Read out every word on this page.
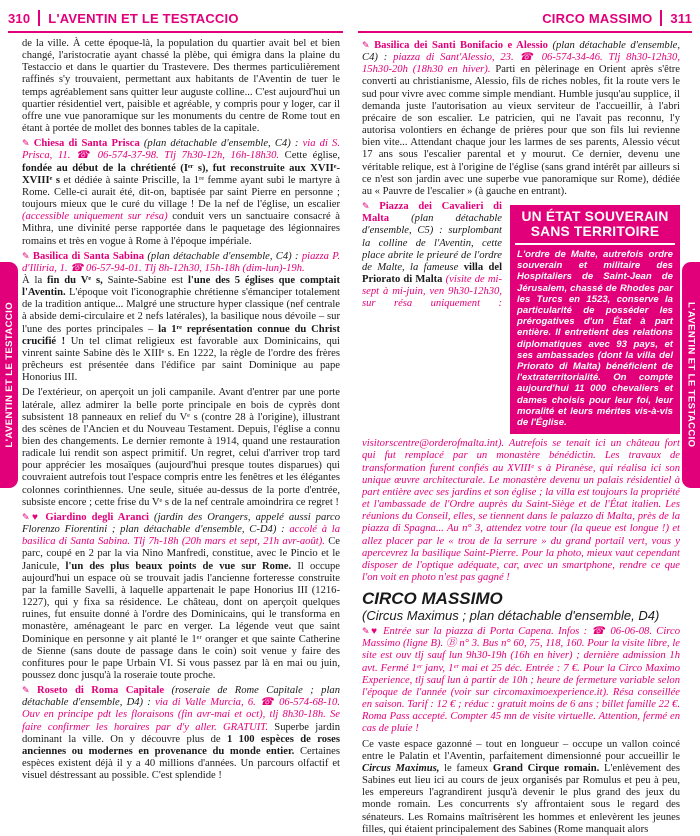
310 L'AVENTIN ET LE TESTACCIO	CIRCO MASSIMO 311
L'AVENTIN ET LE TESTACCIO	L'AVENTIN ET LE TESTACCIO

de la ville. À cette époque-là, la population du quartier avait bel et bien changé, l'aristocratie ayant chassé la plèbe, qui émigra dans la plaine du Testaccio et dans le quartier du Trastevere. Des thermes particulièrement raffinés s'y trouvaient, permettant aux habitants de l'Aventin de tuer le temps agréablement sans quitter leur auguste colline... C'est aujourd'hui un quartier résidentiel vert, paisible et agréable, y compris pour y loger, car il offre une vue panoramique sur les monuments du centre de Rome tout en étant à portée de mollet des bonnes tables de la capitale.

✎ Chiesa di Santa Prisca (plan détachable d'ensemble, C4) : via di S. Prisca, 11. ☎ 06-574-37-98. Tlj 7h30-12h, 16h-18h30. Cette église, fondée au début de la chrétienté (Iᵉʳ s), fut reconstruite aux XVIIᵉ-XVIIIᵉ s et dédiée à sainte Priscille, la 1ʳᵉ femme ayant subi le martyre à Rome. Celle-ci aurait été, dit-on, baptisée par saint Pierre en personne ; toujours mieux que le curé du village ! De la nef de l'église, un escalier (accessible uniquement sur résa) conduit vers un sanctuaire consacré à Mithra, une divinité perse rapportée dans le paquetage des légionnaires romains et très en vogue à Rome à l'époque impériale.

✎ Basilica di Santa Sabina (plan détachable d'ensemble, C4) : piazza P. d'Illiria, 1. ☎ 06-57-94-01. Tlj 8h-12h30, 15h-18h (dim-lun)-19h.
À la fin du Vᵉ s, Sainte-Sabine est l'une des 5 églises que comptait l'Aventin. L'époque voit l'iconographie chrétienne s'émanciper totalement de la tradition antique... Malgré une structure hyper classique (nef centrale à abside demi-circulaire et 2 nefs latérales), la basilique nous dévoile – sur l'une des portes principales – la 1ʳᵉ représentation connue du Christ crucifié ! Un tel climat religieux est favorable aux Dominicains, qui vinrent sainte Sabine dès le XIIIᵉ s. En 1222, la règle de l'ordre des frères prêcheurs est présentée dans l'édifice par saint Dominique au pape Honorius III.

De l'extérieur, on aperçoit un joli campanile. Avant d'entrer par une porte latérale, allez admirer la belle porte principale en bois de cyprès dont subsistent 18 panneaux en relief du Vᵉ s (contre 28 à l'origine), illustrant des scènes de l'Ancien et du Nouveau Testament. Depuis, l'église a connu bien des changements. Le dernier remonte à 1914, quand une restauration radicale lui rendit son aspect primitif. Un regret, celui d'arriver trop tard pour apprécier les mosaïques (aujourd'hui presque toutes disparues) qui couvraient autrefois tout l'espace compris entre les fenêtres et les élégantes colonnes corinthiennes. Une seule, située au-dessus de la porte d'entrée, subsiste encore ; cette frise du Vᵉ s de la nef centrale amoindrira ce regret !

✎♥ Giardino degli Aranci (jardin des Orangers, appelé aussi parco Florenzo Fiorentini ; plan détachable d'ensemble, C-D4) : accolé à la basilica di Santa Sabina. Tlj 7h-18h (20h mars et sept, 21h avr-août). Ce parc, coupé en 2 par la via Nino Manfredi, constitue, avec le Pincio et le Janicule, l'un des plus beaux points de vue sur Rome. Il occupe aujourd'hui un espace où se trouvait jadis l'ancienne forteresse construite par la famille Savelli, à laquelle appartenait le pape Honorius III (1216-1227), qui y fixa sa résidence. Le château, dont on aperçoit quelques ruines, fut ensuite donné à l'ordre des Dominicains, qui le transforma en monastère, aménageant le parc en verger. La légende veut que saint Dominique en personne y ait planté le 1ᵉʳ oranger et que sainte Catherine de Sienne (sans doute de passage dans le coin) soit venue y faire des confitures pour le pape Urbain VI. Si vous passez par là en mai ou juin, poussez donc jusqu'à la roseraie toute proche.

✎ Roseto di Roma Capitale (roseraie de Rome Capitale ; plan détachable d'ensemble, D4) : via di Valle Murcia, 6. ☎ 06-574-68-10. Ouv en principe pdt les floraisons (fin avr-mai et oct), tlj 8h30-18h. Se faire confirmer les horaires par d'y aller. GRATUIT. Superbe jardin dominant la ville. On y découvre plus de 1 100 espèces de roses anciennes ou modernes en provenance du monde entier. Certaines espèces existent déjà il y a 40 millions d'années. Un parcours olfactif et visuel déstressant au possible. C'est splendide !

✎ Basilica dei Santi Bonifacio e Alessio (plan détachable d'ensemble, C4) : piazza di Sant'Alessio, 23. ☎ 06-574-34-46. Tlj 8h30-12h30, 15h30-20h (18h30 en hiver). Parti en pèlerinage en Orient après s'être converti au christianisme, Alessio, fils de riches nobles, fit la route vers le sud pour vivre avec comme simple mendiant. Humble jusqu'au supplice, il demanda juste l'autorisation au vieux serviteur de l'accueillir, à l'abri précaire de son escalier. Le patricien, qui ne l'avait pas reconnu, l'y autorisa volontiers en échange de prières pour que son fils lui revienne bien vite... Attendant chaque jour les larmes de ses parents, Alessio vécut 17 ans sous l'escalier parental et y mourut. Ce dernier, devenu une véritable relique, est à l'origine de l'église (sans grand intérêt par ailleurs si ce n'est son jardin avec une superbe vue panoramique sur Rome), dédiée au « Pauvre de l'escalier » (à gauche en entrant).

UN ÉTAT SOUVERAIN SANS TERRITOIRE

L'ordre de Malte, autrefois ordre souverain et militaire des Hospitaliers de Saint-Jean de Jérusalem, chassé de Rhodes par les Turcs en 1523, conserve la particularité de posséder les prérogatives d'un État à part entière. Il entretient des relations diplomatiques avec 93 pays, et ses ambassades (dont la villa del Priorato di Malta) bénéficient de l'extraterritorialité. On compte aujourd'hui 11 000 chevaliers et dames choisis pour leur foi, leur moralité et leurs mérites vis-à-vis de l'Église.

✎ Piazza dei Cavalieri di Malta (plan détachable d'ensemble, C5) : surplombant la colline de l'Aventin, cette place abrite le prieuré de l'ordre de Malte, la fameuse villa del Priorato di Malta (visite de mi-sept à mi-juin, ven 9h30-12h30, sur résa uniquement : visitorscentre@orderofmalta.int). Autrefois se tenait ici un château fort qui fut remplacé par un monastère bénédictin. Les travaux de transformation furent confiés au XVIIIᵉ s à Piranèse, qui réalisa ici son unique œuvre architecturale. Le monastère devenu un palais résidentiel à part entière avec ses jardins et son église ; la villa est toujours la propriété et l'ambassade de l'Ordre auprès du Saint-Siège et de l'État italien. Les réunions du Conseil, elles, se tiennent dans le palazzo di Malta, près de la piazza di Spagna... Au n° 3, attendez votre tour (la queue est longue !) et allez placer par le « trou de la serrure » du grand portail vert, vous y apercevrez la basilique Saint-Pierre. Pour la photo, mieux vaut cependant disposer de l'optique adéquate, car, avec un smartphone, rendre ce que l'on voit en photo n'est pas gagné !

CIRCO MASSIMO
(Circus Maximus ; plan détachable d'ensemble, D4)

✎♥ Entrée sur la piazza di Porta Capena. Infos : ☎ 06-06-08. Circo Massimo (ligne B). Ⓑ n° 3. Bus n° 60, 75, 118, 160. Pour la visite libre, le site est ouv tlj sauf lun 9h30-19h (16h en hiver) ; dernière admission 1h avt. Fermé 1ᵉʳ janv, 1ᵉʳ mai et 25 déc. Entrée : 7 €. Pour la Circo Maximo Experience, tlj sauf lun à partir de 10h ; heure de fermeture variable selon l'époque de l'année (voir sur circomaximoexperience.it). Résa conseillée en saison. Tarif : 12 € ; réduc : gratuit moins de 6 ans ; billet famille 22 €. Roma Pass accepté. Compter 45 mn de visite virtuelle. Attention, fermé en cas de pluie !

Ce vaste espace gazonné – tout en longueur – occupe un vallon coincé entre le Palatin et l'Aventin, parfaitement dimensionné pour accueillir le Circus Maximus, le fameux Grand Cirque romain. L'enlèvement des Sabines eut lieu ici au cours de jeux organisés par Romulus et peu à peu, les empereurs l'agrandirent jusqu'à devenir le plus grand des jeux du monde romain. Les concurrents s'y affrontaient sous le regard des sénateurs. Les Romains maîtrisèrent les hommes et enlevèrent les jeunes filles, qui étaient principalement des Sabines (Rome manquait alors
